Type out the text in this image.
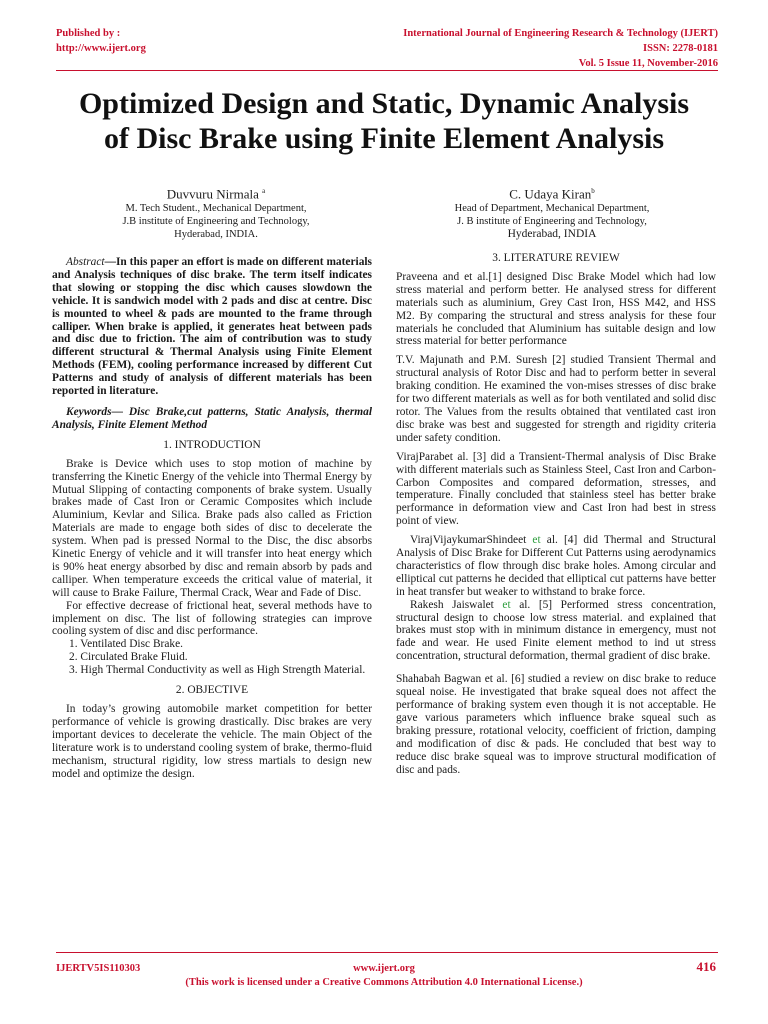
Published by :
http://www.ijert.org
International Journal of Engineering Research & Technology (IJERT)
ISSN: 2278-0181
Vol. 5 Issue 11, November-2016
Optimized Design and Static, Dynamic Analysis
of Disc Brake using Finite Element Analysis
Duvvuru Nirmala $^a$
M. Tech Student., Mechanical Department,
J.B institute of Engineering and Technology,
Hyderabad, INDIA.
C. Udaya Kiran$^b$
Head of Department, Mechanical Department,
J. B institute of Engineering and Technology,
Hyderabad, INDIA

Abstract—In this paper an effort is made on different materials and Analysis techniques of disc brake. The term itself indicates that slowing or stopping the disc which causes slowdown the vehicle. It is sandwich model with 2 pads and disc at centre. Disc is mounted to wheel & pads are mounted to the frame through calliper. When brake is applied, it generates heat between pads and disc due to friction. The aim of contribution was to study different structural & Thermal Analysis using Finite Element Methods (FEM), cooling performance increased by different Cut Patterns and study of analysis of different materials has been reported in literature.

Keywords— Disc Brake,cut patterns, Static Analysis, thermal Analysis, Finite Element Method

1. INTRODUCTION

Brake is Device which uses to stop motion of machine by transferring the Kinetic Energy of the vehicle into Thermal Energy by Mutual Slipping of contacting components of brake system. Usually brakes made of Cast Iron or Ceramic Composites which include Aluminium, Kevlar and Silica. Brake pads also called as Friction Materials are made to engage both sides of disc to decelerate the system. When pad is pressed Normal to the Disc, the disc absorbs Kinetic Energy of vehicle and it will transfer into heat energy which is 90% heat energy absorbed by disc and remain absorb by pads and calliper. When temperature exceeds the critical value of material, it will cause to Brake Failure, Thermal Crack, Wear and Fade of Disc.

For effective decrease of frictional heat, several methods have to implement on disc. The list of following strategies can improve cooling system of disc and disc performance.

1. Ventilated Disc Brake.

2. Circulated Brake Fluid.

3. High Thermal Conductivity as well as High Strength Material.

2. OBJECTIVE

In today’s growing automobile market competition for better performance of vehicle is growing drastically. Disc brakes are very important devices to decelerate the vehicle. The main Object of the literature work is to understand cooling system of brake, thermo-fluid mechanism, structural rigidity, low stress martials to design new model and optimize the design.

3. LITERATURE REVIEW

Praveena and et al.[1] designed Disc Brake Model which had low stress material and perform better. He analysed stress for different materials such as aluminium, Grey Cast Iron, HSS M42, and HSS M2. By comparing the structural and stress analysis for these four materials he concluded that Aluminium has suitable design and low stress material for better performance

T.V. Majunath and P.M. Suresh [2] studied Transient Thermal and structural analysis of Rotor Disc and had to perform better in several braking condition. He examined the von-mises stresses of disc brake for two different materials as well as for both ventilated and solid disc rotor. The Values from the results obtained that ventilated cast iron disc brake was best and suggested for strength and rigidity criteria under safety condition.

VirajParabet al. [3] did a Transient-Thermal analysis of Disc Brake with different materials such as Stainless Steel, Cast Iron and Carbon-Carbon Composites and compared deformation, stresses, and temperature. Finally concluded that stainless steel has better brake performance in deformation view and Cast Iron had best in stress point of view.

VirajVijaykumarShindeet et al. [4] did Thermal and Structural Analysis of Disc Brake for Different Cut Patterns using aerodynamics characteristics of flow through disc brake holes. Among circular and elliptical cut patterns he decided that elliptical cut patterns have better in heat transfer but weaker to withstand to brake force.

Rakesh Jaiswalet et al. [5] Performed stress concentration, structural design to choose low stress material. and explained that brakes must stop with in minimum distance in emergency, must not fade and wear. He used Finite element method to ind ut stress concentration, structural deformation, thermal gradient of disc brake.

Shahabah Bagwan et al. [6] studied a review on disc brake to reduce squeal noise. He investigated that brake squeal does not affect the performance of braking system even though it is not acceptable. He gave various parameters which influence brake squeal such as braking pressure, rotational velocity, coefficient of friction, damping and modification of disc & pads. He concluded that best way to reduce disc brake squeal was to improve structural modification of disc and pads.

IJERTV5IS110303	www.ijert.org
(This work is licensed under a Creative Commons Attribution 4.0 International License.)
416
